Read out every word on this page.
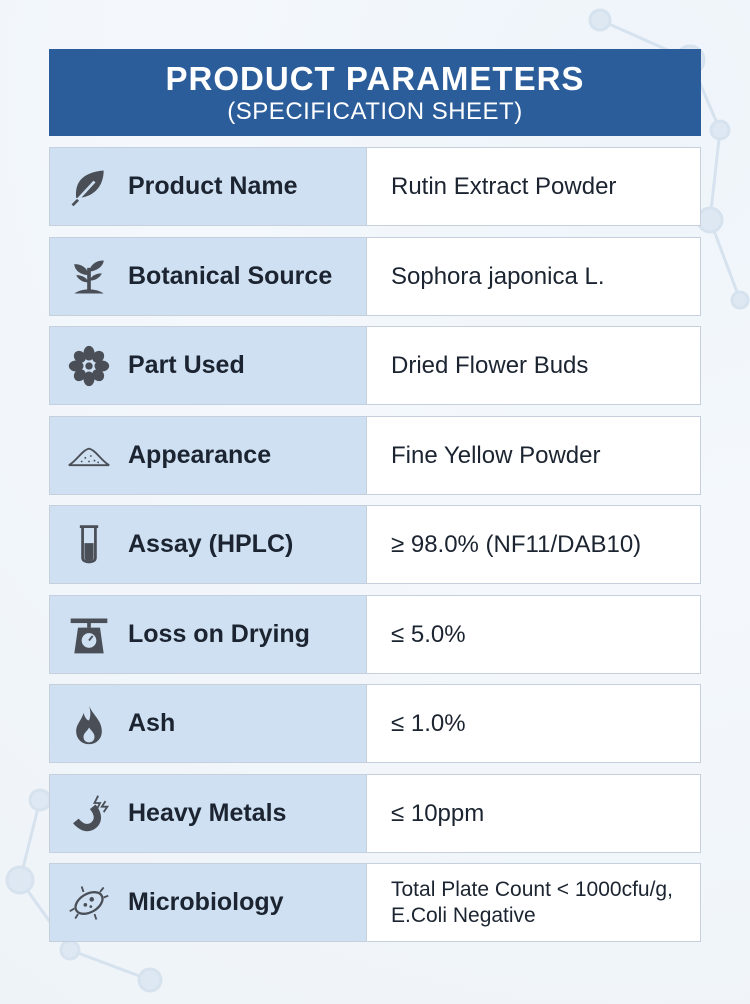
PRODUCT PARAMETERS
(SPECIFICATION SHEET)
Product Name	Rutin Extract Powder
Botanical Source	Sophora japonica L.
Part Used	Dried Flower Buds
Appearance	Fine Yellow Powder
Assay (HPLC)	≥ 98.0% (NF11/DAB10)
Loss on Drying	≤ 5.0%
Ash	≤ 1.0%
Heavy Metals	≤ 10ppm
Microbiology	Total Plate Count < 1000cfu/g,
E.Coli Negative
